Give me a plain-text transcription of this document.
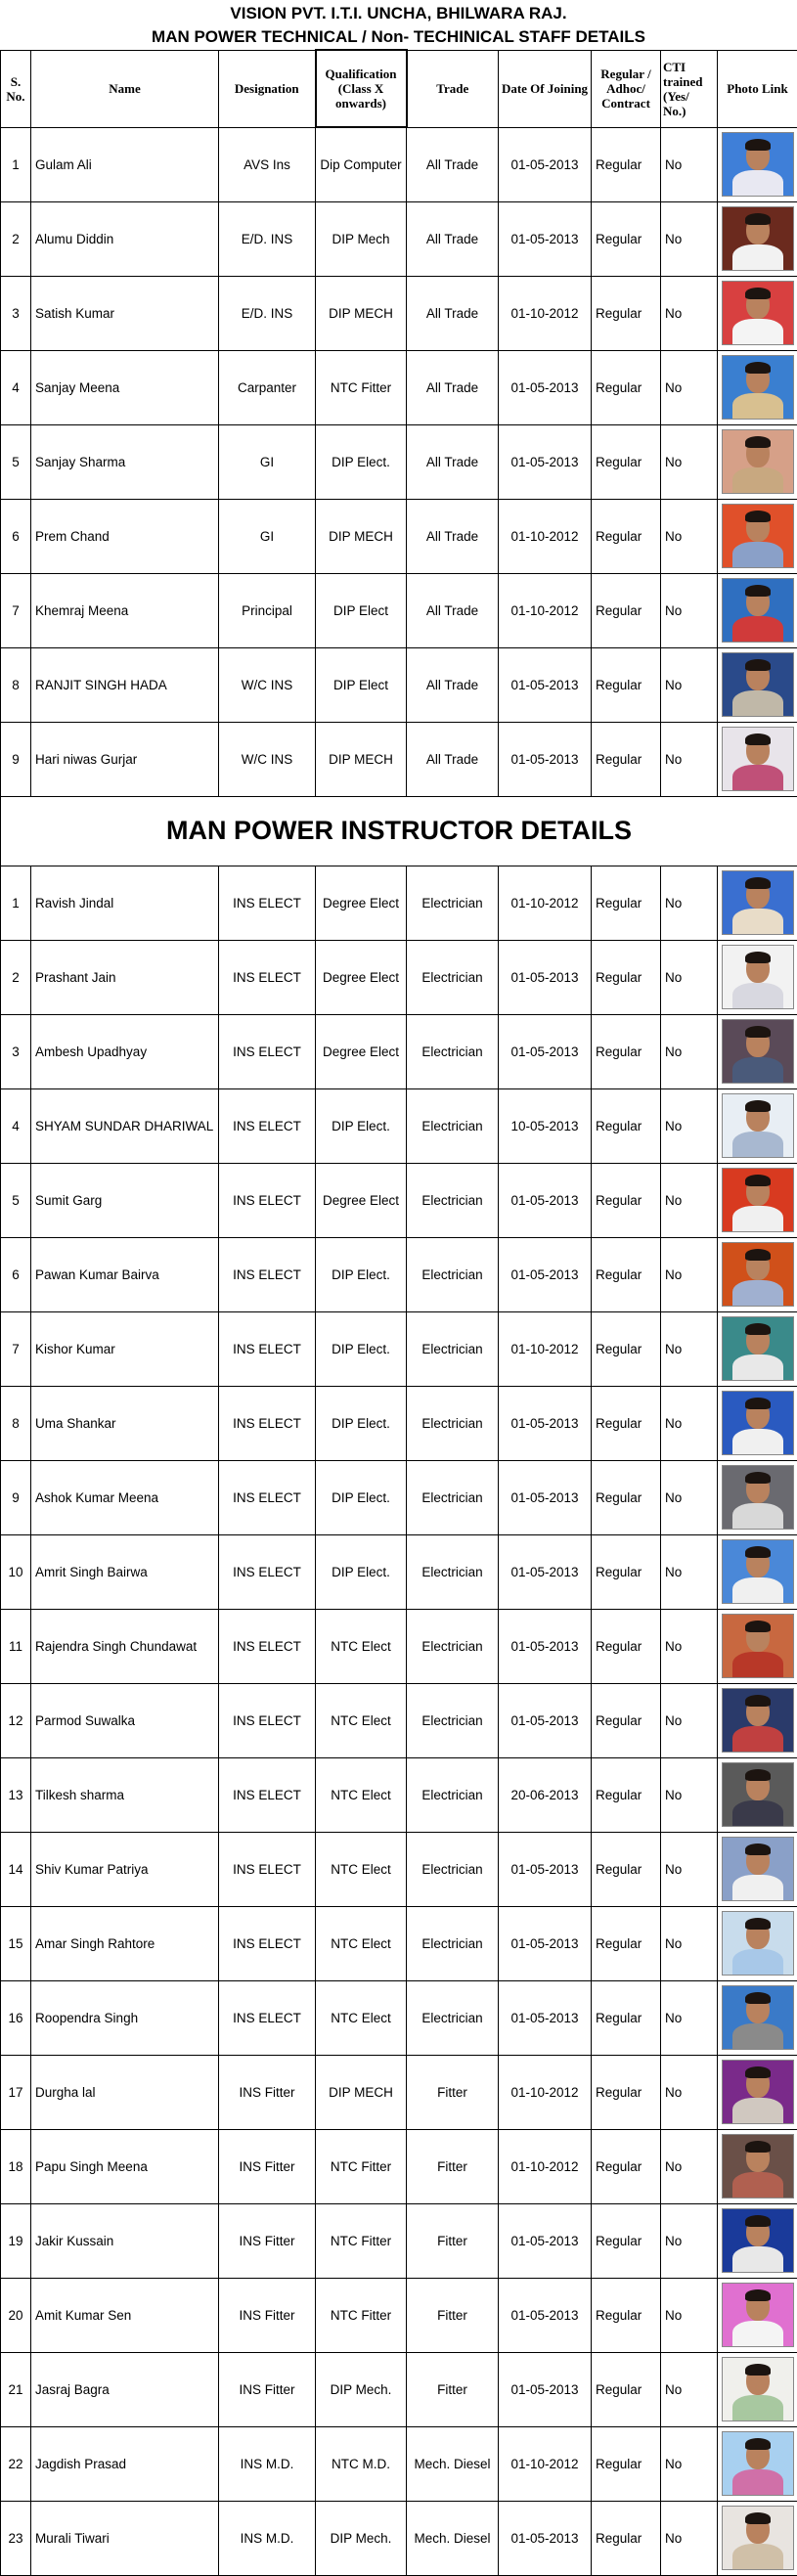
VISION PVT. I.T.I. UNCHA, BHILWARA RAJ.
MAN POWER TECHNICAL / Non- TECHINICAL STAFF DETAILS
S. No.	Name	Designation	Qualification (Class X onwards)	Trade	Date Of Joining	Regular / Adhoc/ Contract	CTI trained (Yes/ No.)	Photo Link
1	Gulam Ali	AVS Ins	Dip Computer	All Trade	01-05-2013	Regular	No	

2	Alumu Diddin	E/D. INS	DIP Mech	All Trade	01-05-2013	Regular	No	

3	Satish Kumar	E/D. INS	DIP MECH	All Trade	01-10-2012	Regular	No	

4	Sanjay Meena	Carpanter	NTC Fitter	All Trade	01-05-2013	Regular	No	

5	Sanjay Sharma	GI	DIP Elect.	All Trade	01-05-2013	Regular	No	

6	Prem Chand	GI	DIP MECH	All Trade	01-10-2012	Regular	No	

7	Khemraj Meena	Principal	DIP Elect	All Trade	01-10-2012	Regular	No	

8	RANJIT SINGH HADA	W/C INS	DIP Elect	All Trade	01-05-2013	Regular	No	

9	Hari niwas Gurjar	W/C INS	DIP MECH	All Trade	01-05-2013	Regular	No	

MAN POWER INSTRUCTOR DETAILS								
1	Ravish Jindal	INS ELECT	Degree Elect	Electrician	01-10-2012	Regular	No	

2	Prashant Jain	INS ELECT	Degree Elect	Electrician	01-05-2013	Regular	No	

3	Ambesh Upadhyay	INS ELECT	Degree Elect	Electrician	01-05-2013	Regular	No	

4	SHYAM SUNDAR DHARIWAL	INS ELECT	DIP Elect.	Electrician	10-05-2013	Regular	No	

5	Sumit Garg	INS ELECT	Degree Elect	Electrician	01-05-2013	Regular	No	

6	Pawan Kumar Bairva	INS ELECT	DIP Elect.	Electrician	01-05-2013	Regular	No	

7	Kishor Kumar	INS ELECT	DIP Elect.	Electrician	01-10-2012	Regular	No	

8	Uma Shankar	INS ELECT	DIP Elect.	Electrician	01-05-2013	Regular	No	

9	Ashok Kumar Meena	INS ELECT	DIP Elect.	Electrician	01-05-2013	Regular	No	

10	Amrit Singh Bairwa	INS ELECT	DIP Elect.	Electrician	01-05-2013	Regular	No	

11	Rajendra Singh Chundawat	INS ELECT	NTC Elect	Electrician	01-05-2013	Regular	No	

12	Parmod Suwalka	INS ELECT	NTC Elect	Electrician	01-05-2013	Regular	No	

13	Tilkesh sharma	INS ELECT	NTC Elect	Electrician	20-06-2013	Regular	No	

14	Shiv Kumar Patriya	INS ELECT	NTC Elect	Electrician	01-05-2013	Regular	No	

15	Amar Singh Rahtore	INS ELECT	NTC Elect	Electrician	01-05-2013	Regular	No	

16	Roopendra Singh	INS ELECT	NTC Elect	Electrician	01-05-2013	Regular	No	

17	Durgha lal	INS Fitter	DIP MECH	Fitter	01-10-2012	Regular	No	

18	Papu Singh Meena	INS Fitter	NTC Fitter	Fitter	01-10-2012	Regular	No	

19	Jakir Kussain	INS Fitter	NTC Fitter	Fitter	01-05-2013	Regular	No	

20	Amit Kumar Sen	INS Fitter	NTC Fitter	Fitter	01-05-2013	Regular	No	

21	Jasraj Bagra	INS Fitter	DIP Mech.	Fitter	01-05-2013	Regular	No	

22	Jagdish Prasad	INS M.D.	NTC M.D.	Mech. Diesel	01-10-2012	Regular	No	

23	Murali Tiwari	INS M.D.	DIP Mech.	Mech. Diesel	01-05-2013	Regular	No	
